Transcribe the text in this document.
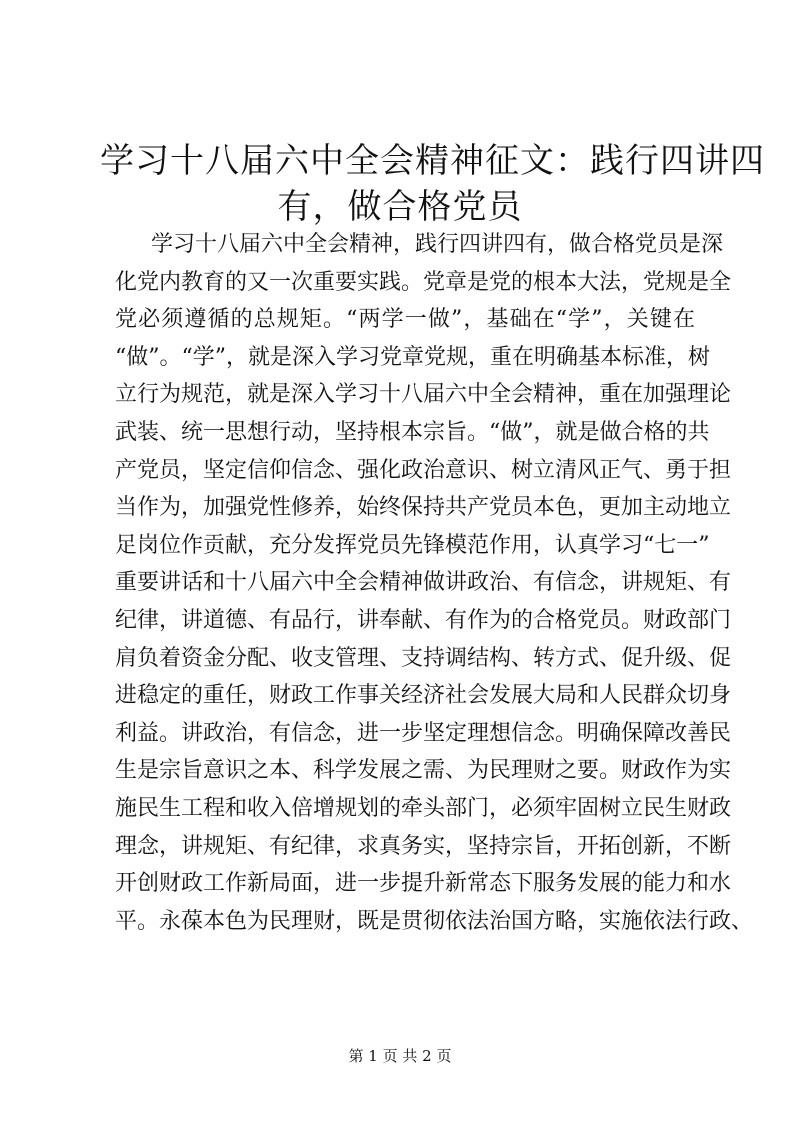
学习十八届六中全会精神征文：践行四讲四
有，做合格党员
学习十八届六中全会精神，践行四讲四有，做合格党员是深
化党内教育的又一次重要实践。党章是党的根本大法，党规是全
党必须遵循的总规矩。“两学一做”，基础在“学”，关键在
“做”。“学”，就是深入学习党章党规，重在明确基本标准，树
立行为规范，就是深入学习十八届六中全会精神，重在加强理论
武装、统一思想行动，坚持根本宗旨。“做”，就是做合格的共
产党员，坚定信仰信念、强化政治意识、树立清风正气、勇于担
当作为，加强党性修养，始终保持共产党员本色，更加主动地立
足岗位作贡献，充分发挥党员先锋模范作用，认真学习“七一”
重要讲话和十八届六中全会精神做讲政治、有信念，讲规矩、有
纪律，讲道德、有品行，讲奉献、有作为的合格党员。财政部门
肩负着资金分配、收支管理、支持调结构、转方式、促升级、促
进稳定的重任，财政工作事关经济社会发展大局和人民群众切身
利益。讲政治，有信念，进一步坚定理想信念。明确保障改善民
生是宗旨意识之本、科学发展之需、为民理财之要。财政作为实
施民生工程和收入倍增规划的牵头部门，必须牢固树立民生财政
理念，讲规矩、有纪律，求真务实，坚持宗旨，开拓创新，不断
开创财政工作新局面，进一步提升新常态下服务发展的能力和水
平。永葆本色为民理财，既是贯彻依法治国方略，实施依法行政、
第 1 页 共 2 页
